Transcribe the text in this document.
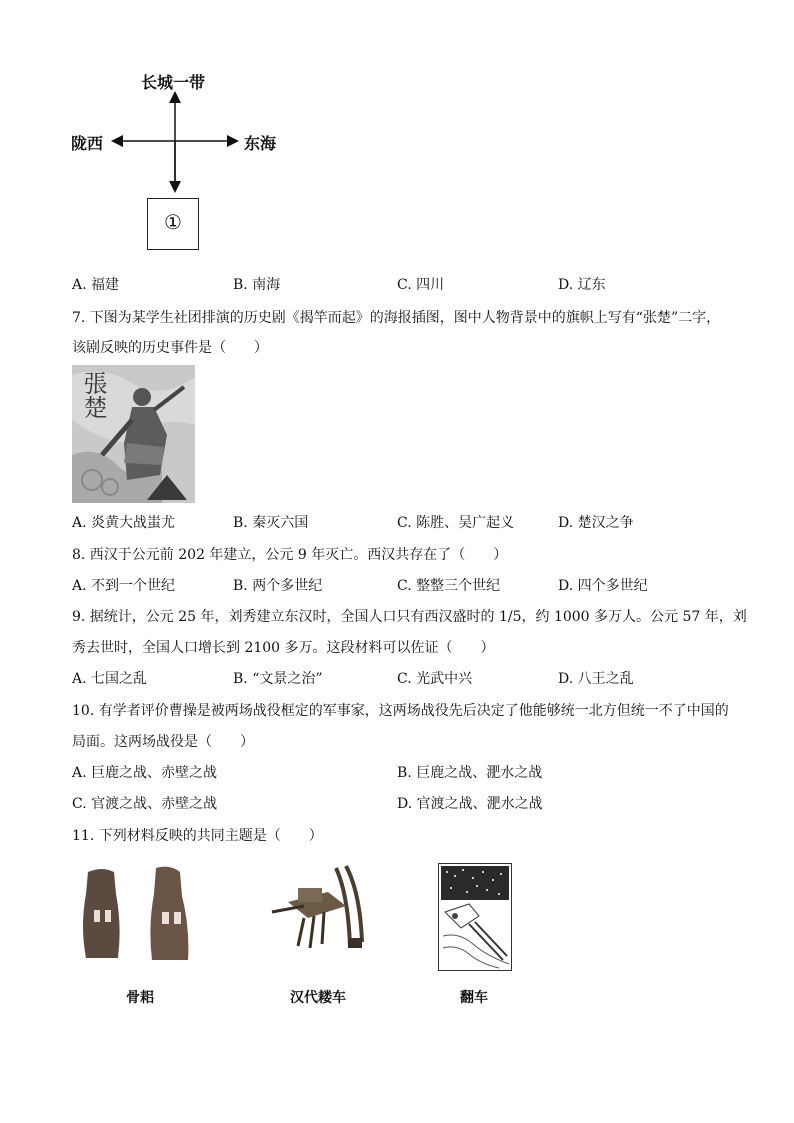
长城一带
陇西	东海
①
A. 福建	B. 南海	C. 四川	D. 辽东
7. 下图为某学生社团排演的历史剧《揭竿而起》的海报插图，图中人物背景中的旗帜上写有“张楚”二字，
该剧反映的历史事件是（　　）
張楚
A. 炎黄大战蚩尤	B. 秦灭六国	C. 陈胜、吴广起义	D. 楚汉之争
8. 西汉于公元前 202 年建立，公元 9 年灭亡。西汉共存在了（　　）
A. 不到一个世纪	B. 两个多世纪	C. 整整三个世纪	D. 四个多世纪
9. 据统计，公元 25 年，刘秀建立东汉时，全国人口只有西汉盛时的 1/5，约 1000 多万人。公元 57 年，刘
秀去世时，全国人口增长到 2100 多万。这段材料可以佐证（　　）
A. 七国之乱	B. “文景之治”	C. 光武中兴	D. 八王之乱
10. 有学者评价曹操是被两场战役框定的军事家，这两场战役先后决定了他能够统一北方但统一不了中国的
局面。这两场战役是（　　）
A. 巨鹿之战、赤壁之战	B. 巨鹿之战、淝水之战
C. 官渡之战、赤壁之战	D. 官渡之战、淝水之战
11. 下列材料反映的共同主题是（　　）
骨耜	汉代耧车	翻车
